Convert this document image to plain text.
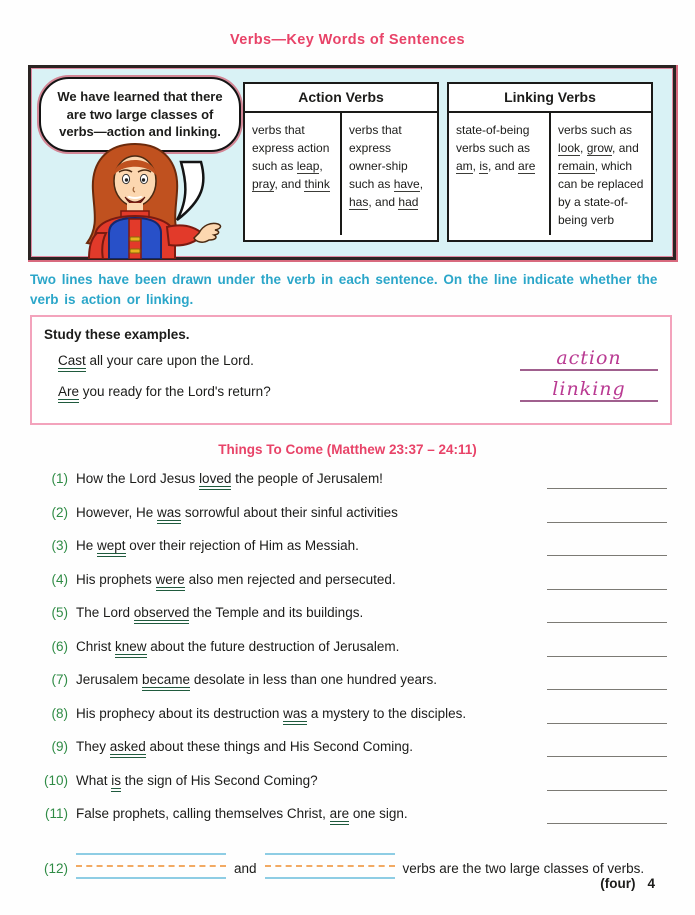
Verbs—Key Words of Sentences
We have learned that there are two large classes of verbs—action and linking.
Action Verbs
verbs that express action such as leap, pray, and think
verbs that express owner-ship such as have, has, and had
Linking Verbs
state-of-being verbs such as am, is, and are
verbs such as look, grow, and remain, which can be replaced by a state-of-being verb
Two lines have been drawn under the verb in each sentence. On the line indicate whether the verb is action or linking.
Study these examples.
Cast all your care upon the Lord.	action
Are you ready for the Lord's return?	linking
Things To Come (Matthew 23:37 – 24:11)
(1) How the Lord Jesus loved the people of Jerusalem!
(2) However, He was sorrowful about their sinful activities
(3) He wept over their rejection of Him as Messiah.
(4) His prophets were also men rejected and persecuted.
(5) The Lord observed the Temple and its buildings.
(6) Christ knew about the future destruction of Jerusalem.
(7) Jerusalem became desolate in less than one hundred years.
(8) His prophecy about its destruction was a mystery to the disciples.
(9) They asked about these things and His Second Coming.
(10) What is the sign of His Second Coming?
(11) False prophets, calling themselves Christ, are one sign.
(12)	and	verbs are the two large classes of verbs.
(four) 4
